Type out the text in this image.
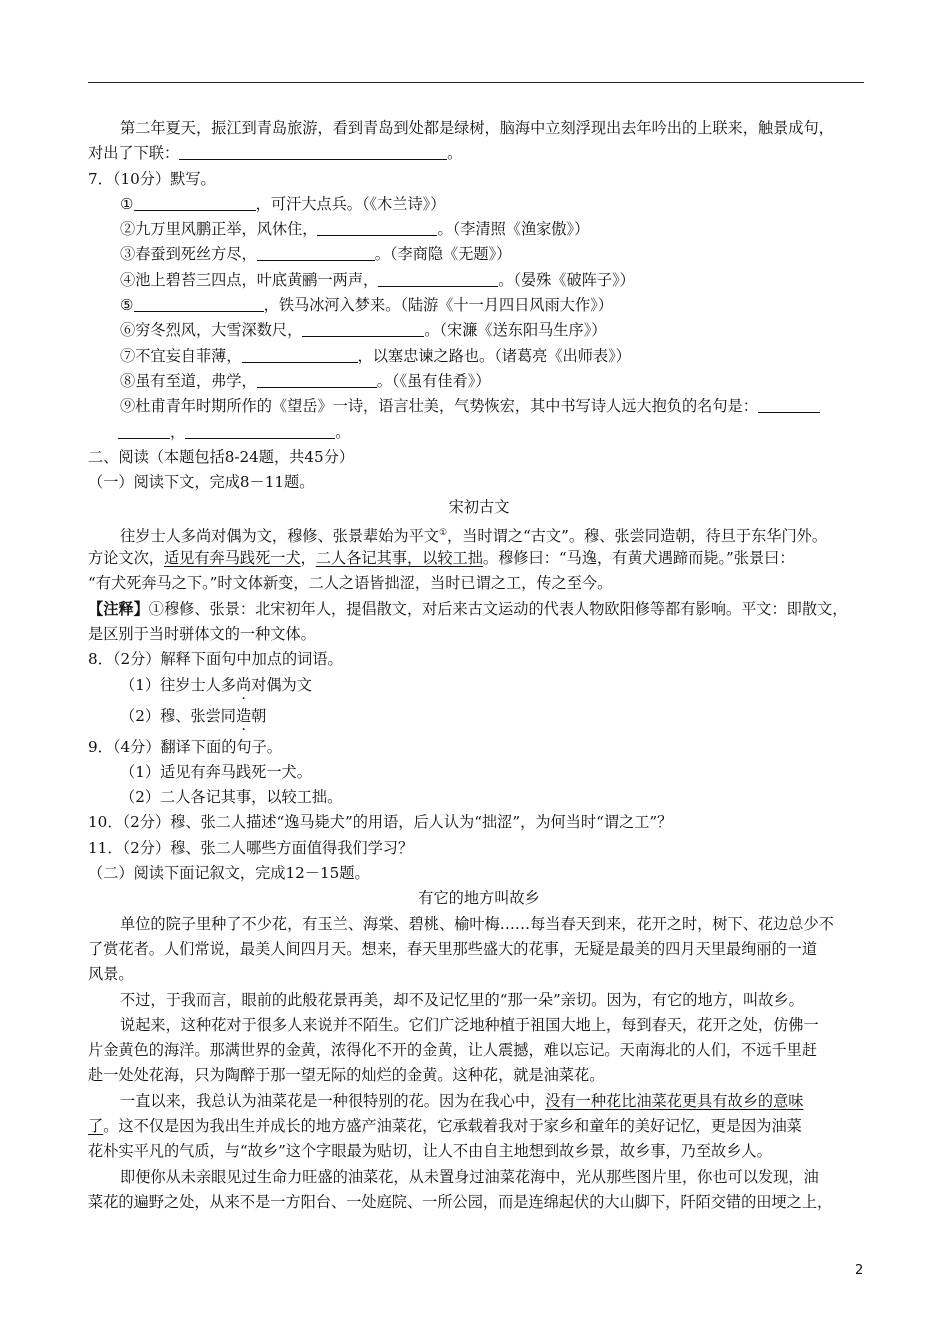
第二年夏天，振江到青岛旅游，看到青岛到处都是绿树，脑海中立刻浮现出去年吟出的上联来，触景成句，
对出了下联：	。
7．（10分）默写。
①	，可汗大点兵。（《木兰诗》）
②九万里风鹏正举，风休住，	。（李清照《渔家傲》）
③春蚕到死丝方尽，	。（李商隐《无题》）
④池上碧苔三四点，叶底黄鹂一两声，	。（晏殊《破阵子》）
⑤	，铁马冰河入梦来。（陆游《十一月四日风雨大作》）
⑥穷冬烈风，大雪深数尺，	。（宋濂《送东阳马生序》）
⑦不宜妄自菲薄，	，以塞忠谏之路也。（诸葛亮《出师表》）
⑧虽有至道，弗学，	。（《虽有佳肴》）
⑨杜甫青年时期所作的《望岳》一诗，语言壮美，气势恢宏，其中书写诗人远大抱负的名句是：
，	。
二、阅读（本题包括8-24题，共45分）
（一）阅读下文，完成8－11题。
宋初古文
往岁士人多尚对偶为文，穆修、张景辈始为平文①，当时谓之“古文”。穆、张尝同造朝，待旦于东华门外。
方论文次，适见有奔马践死一犬，二人各记其事，以较工拙。穆修曰：“马逸，有黄犬遇蹄而毙。”张景曰：
“有犬死奔马之下。”时文体新变，二人之语皆拙涩，当时已谓之工，传之至今。
【注释】①穆修、张景：北宋初年人，提倡散文，对后来古文运动的代表人物欧阳修等都有影响。平文：即散文，
是区别于当时骈体文的一种文体。
8．（2分）解释下面句中加点的词语。
（1）往岁士人多尚对偶为文
（2）穆、张尝同造朝
9．（4分）翻译下面的句子。
（1）适见有奔马践死一犬。
（2）二人各记其事，以较工拙。
10．（2分）穆、张二人描述“逸马毙犬”的用语，后人认为“拙涩”，为何当时“谓之工”？
11．（2分）穆、张二人哪些方面值得我们学习？
（二）阅读下面记叙文，完成12－15题。
有它的地方叫故乡
单位的院子里种了不少花，有玉兰、海棠、碧桃、榆叶梅……每当春天到来，花开之时，树下、花边总少不
了赏花者。人们常说，最美人间四月天。想来，春天里那些盛大的花事，无疑是最美的四月天里最绚丽的一道
风景。
不过，于我而言，眼前的此般花景再美，却不及记忆里的“那一朵”亲切。因为，有它的地方，叫故乡。
说起来，这种花对于很多人来说并不陌生。它们广泛地种植于祖国大地上，每到春天，花开之处，仿佛一
片金黄色的海洋。那满世界的金黄，浓得化不开的金黄，让人震撼，难以忘记。天南海北的人们，不远千里赶
赴一处处花海，只为陶醉于那一望无际的灿烂的金黄。这种花，就是油菜花。
一直以来，我总认为油菜花是一种很特别的花。因为在我心中，没有一种花比油菜花更具有故乡的意味
了。这不仅是因为我出生并成长的地方盛产油菜花，它承载着我对于家乡和童年的美好记忆，更是因为油菜
花朴实平凡的气质，与“故乡”这个字眼最为贴切，让人不由自主地想到故乡景，故乡事，乃至故乡人。
即便你从未亲眼见过生命力旺盛的油菜花，从未置身过油菜花海中，光从那些图片里，你也可以发现，油
菜花的遍野之处，从来不是一方阳台、一处庭院、一所公园，而是连绵起伏的大山脚下，阡陌交错的田埂之上，
2
